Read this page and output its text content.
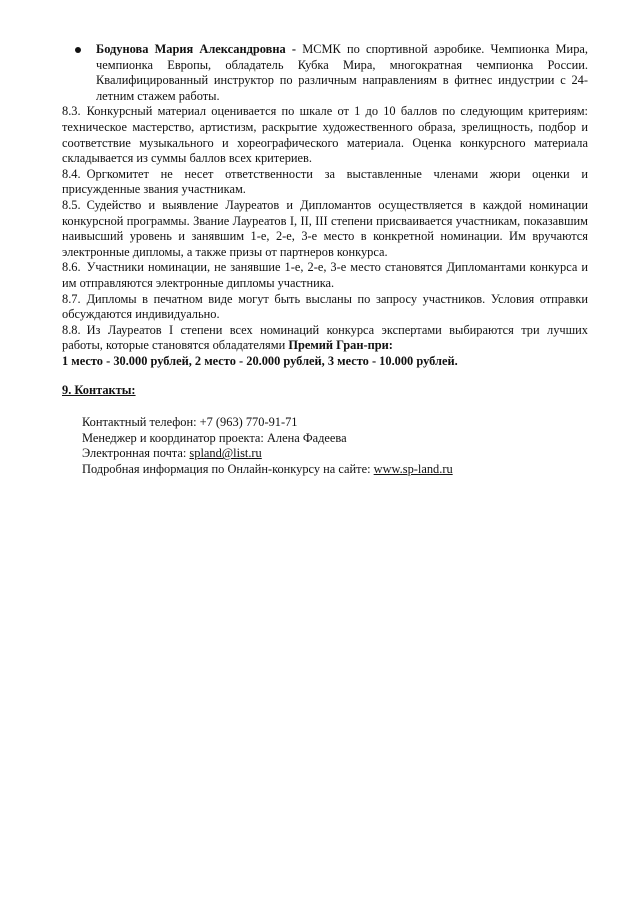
Бодунова Мария Александровна - МСМК по спортивной аэробике. Чемпионка Мира, чемпионка Европы, обладатель Кубка Мира, многократная чемпионка России. Квалифицированный инструктор по различным направлениям в фитнес индустрии с 24-летним стажем работы.
8.3. Конкурсный материал оценивается по шкале от 1 до 10 баллов по следующим критериям: техническое мастерство, артистизм, раскрытие художественного образа, зрелищность, подбор и соответствие музыкального и хореографического материала. Оценка конкурсного материала складывается из суммы баллов всех критериев.
8.4. Оргкомитет не несет ответственности за выставленные членами жюри оценки и присужденные звания участникам.
8.5. Судейство и выявление Лауреатов и Дипломантов осуществляется в каждой номинации конкурсной программы. Звание Лауреатов I, II, III степени присваивается участникам, показавшим наивысший уровень и занявшим 1-е, 2-е, 3-е место в конкретной номинации. Им вручаются электронные дипломы, а также призы от партнеров конкурса.
8.6. Участники номинации, не занявшие 1-е, 2-е, 3-е место становятся Дипломантами конкурса и им отправляются электронные дипломы участника.
8.7. Дипломы в печатном виде могут быть высланы по запросу участников. Условия отправки обсуждаются индивидуально.
8.8. Из Лауреатов I степени всех номинаций конкурса экспертами выбираются три лучших работы, которые становятся обладателями Премий Гран-при:
1 место - 30.000 рублей, 2 место - 20.000 рублей, 3 место - 10.000 рублей.
9. Контакты:
Контактный телефон: +7 (963) 770-91-71
Менеджер и координатор проекта: Алена Фадеева
Электронная почта: spland@list.ru
Подробная информация по Онлайн-конкурсу на сайте: www.sp-land.ru
